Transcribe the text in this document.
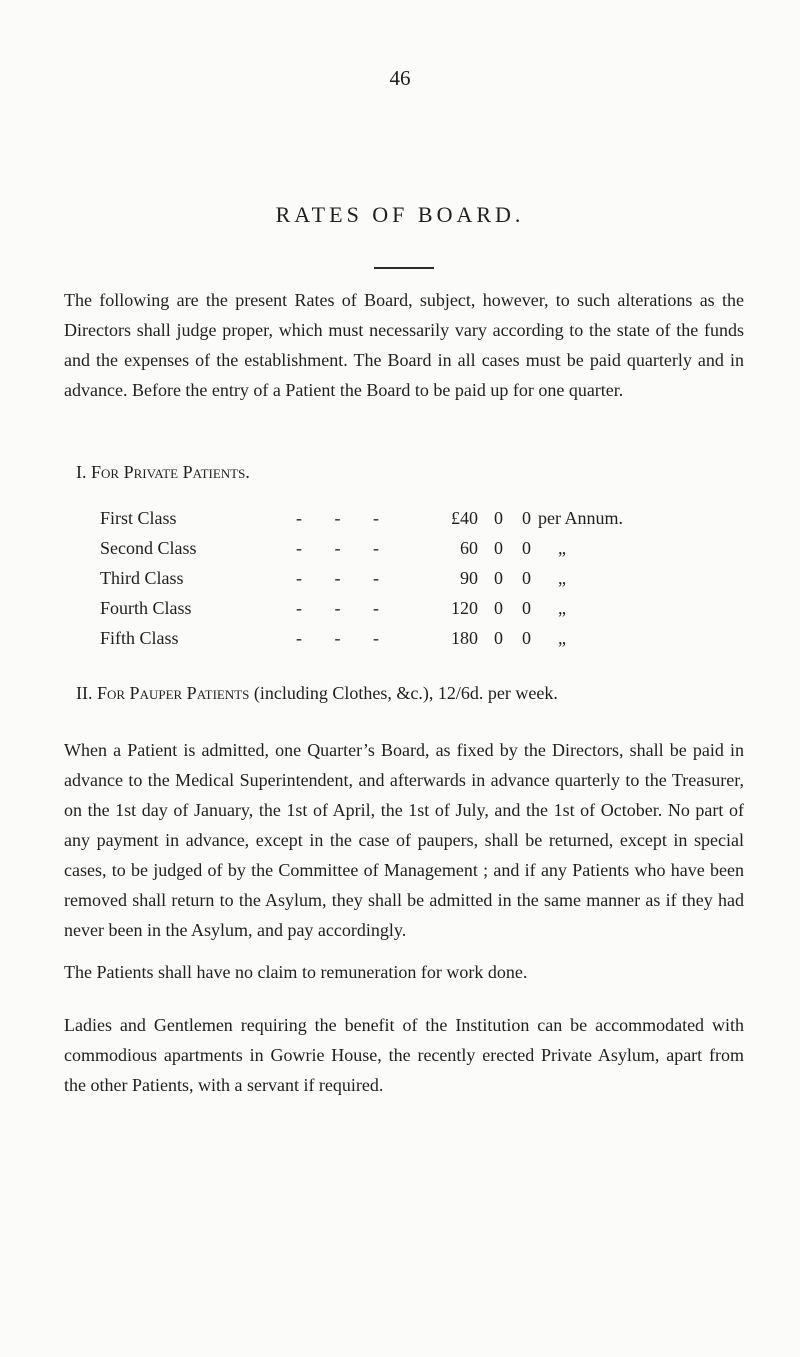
46
RATES OF BOARD.

The following are the present Rates of Board, subject, however, to such alterations as the Directors shall judge proper, which must necessarily vary according to the state of the funds and the expenses of the establishment. The Board in all cases must be paid quarterly and in advance. Before the entry of a Patient the Board to be paid up for one quarter.

I. For Private Patients.

First Class	- - -	£40 0 0 per Annum.
Second Class	- - -	60 0 0 „
Third Class	- - -	90 0 0 „
Fourth Class	- - -	120 0 0 „
Fifth Class	- - -	180 0 0 „

II. For Pauper Patients (including Clothes, &c.), 12/6d. per week.

When a Patient is admitted, one Quarter’s Board, as fixed by the Directors, shall be paid in advance to the Medical Superintendent, and afterwards in advance quarterly to the Treasurer, on the 1st day of January, the 1st of April, the 1st of July, and the 1st of October. No part of any payment in advance, except in the case of paupers, shall be returned, except in special cases, to be judged of by the Committee of Management ; and if any Patients who have been removed shall return to the Asylum, they shall be admitted in the same manner as if they had never been in the Asylum, and pay accordingly.

The Patients shall have no claim to remuneration for work done.

Ladies and Gentlemen requiring the benefit of the Institution can be accommodated with commodious apartments in Gowrie House, the recently erected Private Asylum, apart from the other Patients, with a servant if required.
